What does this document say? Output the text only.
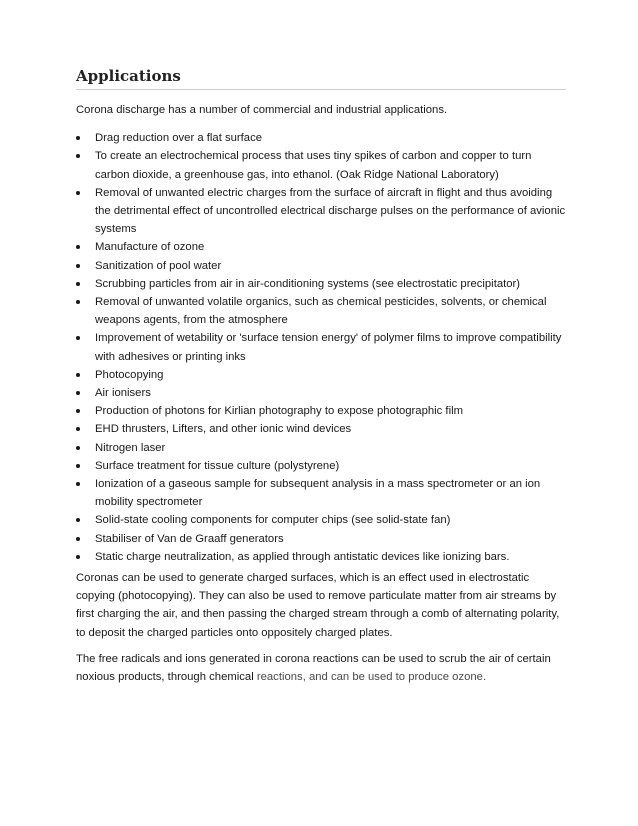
Applications

Corona discharge has a number of commercial and industrial applications.

Drag reduction over a flat surface
To create an electrochemical process that uses tiny spikes of carbon and copper to turn carbon dioxide, a greenhouse gas, into ethanol. (Oak Ridge National Laboratory)
Removal of unwanted electric charges from the surface of aircraft in flight and thus avoiding the detrimental effect of uncontrolled electrical discharge pulses on the performance of avionic systems
Manufacture of ozone
Sanitization of pool water
Scrubbing particles from air in air-conditioning systems (see electrostatic precipitator)
Removal of unwanted volatile organics, such as chemical pesticides, solvents, or chemical weapons agents, from the atmosphere
Improvement of wetability or 'surface tension energy' of polymer films to improve compatibility with adhesives or printing inks
Photocopying
Air ionisers
Production of photons for Kirlian photography to expose photographic film
EHD thrusters, Lifters, and other ionic wind devices
Nitrogen laser
Surface treatment for tissue culture (polystyrene)
Ionization of a gaseous sample for subsequent analysis in a mass spectrometer or an ion mobility spectrometer
Solid-state cooling components for computer chips (see solid-state fan)
Stabiliser of Van de Graaff generators
Static charge neutralization, as applied through antistatic devices like ionizing bars.

Coronas can be used to generate charged surfaces, which is an effect used in electrostatic copying (photocopying). They can also be used to remove particulate matter from air streams by first charging the air, and then passing the charged stream through a comb of alternating polarity, to deposit the charged particles onto oppositely charged plates.

The free radicals and ions generated in corona reactions can be used to scrub the air of certain noxious products, through chemical reactions, and can be used to produce ozone.
